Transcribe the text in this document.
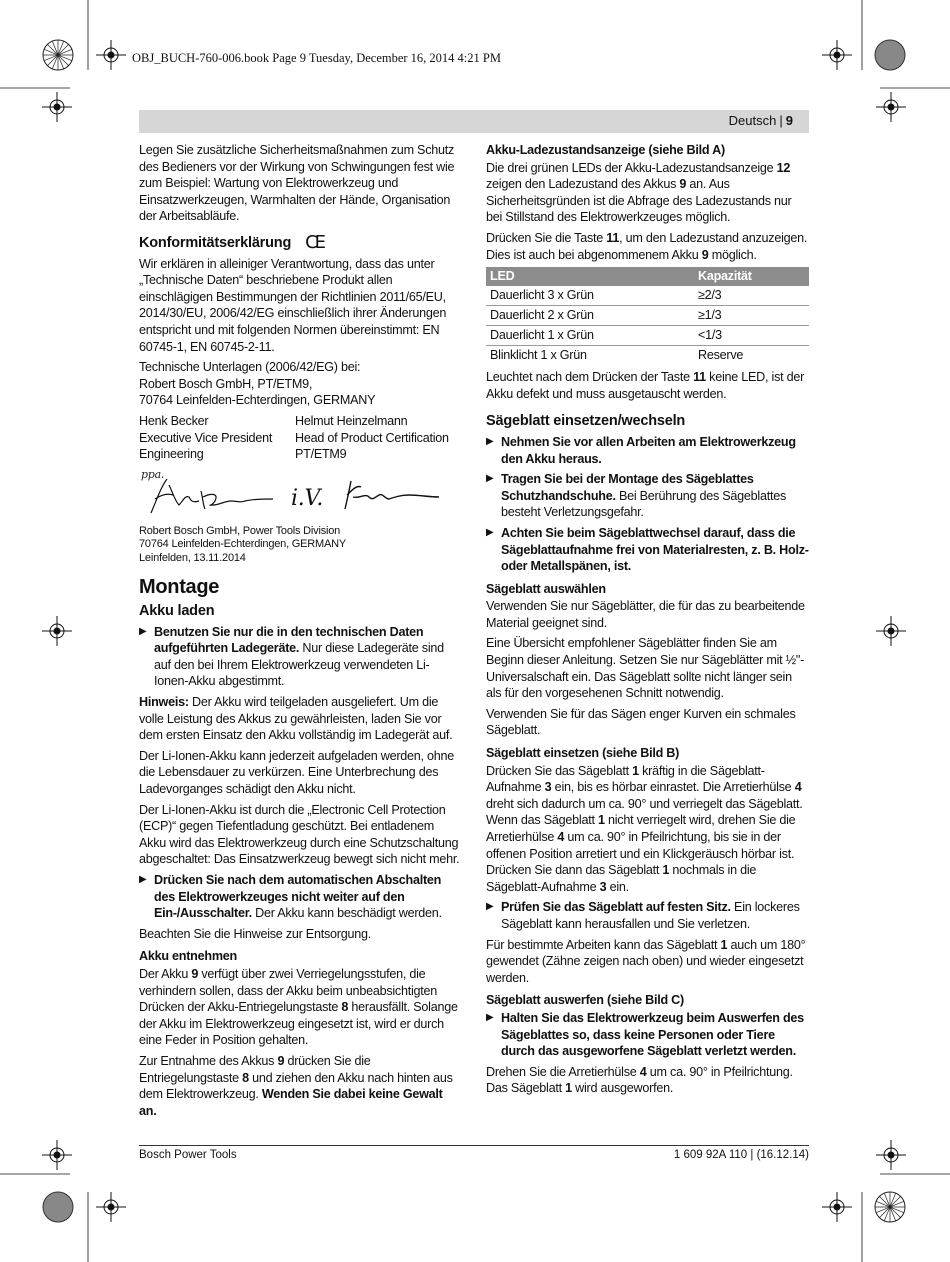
OBJ_BUCH-760-006.book Page 9 Tuesday, December 16, 2014 4:21 PM
Deutsch | 9

Legen Sie zusätzliche Sicherheitsmaßnahmen zum Schutz des Bedieners vor der Wirkung von Schwingungen fest wie zum Beispiel: Wartung von Elektrowerkzeug und Einsatzwerkzeugen, Warmhalten der Hände, Organisation der Arbeitsabläufe.

Konformitätserklärung CE

Wir erklären in alleiniger Verantwortung, dass das unter „Technische Daten“ beschriebene Produkt allen einschlägigen Bestimmungen der Richtlinien 2011/65/EU, 2014/30/EU, 2006/42/EG einschließlich ihrer Änderungen entspricht und mit folgenden Normen übereinstimmt: EN 60745-1, EN 60745-2-11.

Technische Unterlagen (2006/42/EG) bei:
Robert Bosch GmbH, PT/ETM9,
70764 Leinfelden-Echterdingen, GERMANY

Henk Becker	Helmut Heinzelmann
Executive Vice President	Head of Product Certification
Engineering	PT/ETM9
ppa.
i.V.
Robert Bosch GmbH, Power Tools Division
70764 Leinfelden-Echterdingen, GERMANY
Leinfelden, 13.11.2014
Montage
Akku laden
▶ Benutzen Sie nur die in den technischen Daten aufgeführten Ladegeräte. Nur diese Ladegeräte sind auf den bei Ihrem Elektrowerkzeug verwendeten Li-Ionen-Akku abgestimmt.

Hinweis: Der Akku wird teilgeladen ausgeliefert. Um die volle Leistung des Akkus zu gewährleisten, laden Sie vor dem ersten Einsatz den Akku vollständig im Ladegerät auf.

Der Li-Ionen-Akku kann jederzeit aufgeladen werden, ohne die Lebensdauer zu verkürzen. Eine Unterbrechung des Ladevorganges schädigt den Akku nicht.

Der Li-Ionen-Akku ist durch die „Electronic Cell Protection (ECP)“ gegen Tiefentladung geschützt. Bei entladenem Akku wird das Elektrowerkzeug durch eine Schutzschaltung abgeschaltet: Das Einsatzwerkzeug bewegt sich nicht mehr.

▶ Drücken Sie nach dem automatischen Abschalten des Elektrowerkzeuges nicht weiter auf den Ein-/Ausschalter. Der Akku kann beschädigt werden.

Beachten Sie die Hinweise zur Entsorgung.

Akku entnehmen

Der Akku 9 verfügt über zwei Verriegelungsstufen, die verhindern sollen, dass der Akku beim unbeabsichtigten Drücken der Akku-Entriegelungstaste 8 herausfällt. Solange der Akku im Elektrowerkzeug eingesetzt ist, wird er durch eine Feder in Position gehalten.

Zur Entnahme des Akkus 9 drücken Sie die Entriegelungstaste 8 und ziehen den Akku nach hinten aus dem Elektrowerkzeug. Wenden Sie dabei keine Gewalt an.

Akku-Ladezustandsanzeige (siehe Bild A)

Die drei grünen LEDs der Akku-Ladezustandsanzeige 12 zeigen den Ladezustand des Akkus 9 an. Aus Sicherheitsgründen ist die Abfrage des Ladezustands nur bei Stillstand des Elektrowerkzeuges möglich.

Drücken Sie die Taste 11, um den Ladezustand anzuzeigen. Dies ist auch bei abgenommenem Akku 9 möglich.

LED	Kapazität
Dauerlicht 3 x Grün	≥2/3
Dauerlicht 2 x Grün	≥1/3
Dauerlicht 1 x Grün	<1/3
Blinklicht 1 x Grün	Reserve

Leuchtet nach dem Drücken der Taste 11 keine LED, ist der Akku defekt und muss ausgetauscht werden.

Sägeblatt einsetzen/wechseln
▶ Nehmen Sie vor allen Arbeiten am Elektrowerkzeug den Akku heraus.
▶ Tragen Sie bei der Montage des Sägeblattes Schutzhandschuhe. Bei Berührung des Sägeblattes besteht Verletzungsgefahr.
▶ Achten Sie beim Sägeblattwechsel darauf, dass die Sägeblattaufnahme frei von Materialresten, z. B. Holz- oder Metallspänen, ist.
Sägeblatt auswählen

Verwenden Sie nur Sägeblätter, die für das zu bearbeitende Material geeignet sind.

Eine Übersicht empfohlener Sägeblätter finden Sie am Beginn dieser Anleitung. Setzen Sie nur Sägeblätter mit ½"-Universalschaft ein. Das Sägeblatt sollte nicht länger sein als für den vorgesehenen Schnitt notwendig.

Verwenden Sie für das Sägen enger Kurven ein schmales Sägeblatt.

Sägeblatt einsetzen (siehe Bild B)

Drücken Sie das Sägeblatt 1 kräftig in die Sägeblatt-Aufnahme 3 ein, bis es hörbar einrastet. Die Arretierhülse 4 dreht sich dadurch um ca. 90° und verriegelt das Sägeblatt. Wenn das Sägeblatt 1 nicht verriegelt wird, drehen Sie die Arretierhülse 4 um ca. 90° in Pfeilrichtung, bis sie in der offenen Position arretiert und ein Klickgeräusch hörbar ist. Drücken Sie dann das Sägeblatt 1 nochmals in die Sägeblatt-Aufnahme 3 ein.

▶ Prüfen Sie das Sägeblatt auf festen Sitz. Ein lockeres Sägeblatt kann herausfallen und Sie verletzen.

Für bestimmte Arbeiten kann das Sägeblatt 1 auch um 180° gewendet (Zähne zeigen nach oben) und wieder eingesetzt werden.

Sägeblatt auswerfen (siehe Bild C)
▶ Halten Sie das Elektrowerkzeug beim Auswerfen des Sägeblattes so, dass keine Personen oder Tiere durch das ausgeworfene Sägeblatt verletzt werden.

Drehen Sie die Arretierhülse 4 um ca. 90° in Pfeilrichtung. Das Sägeblatt 1 wird ausgeworfen.

Bosch Power Tools	1 609 92A 110 | (16.12.14)
